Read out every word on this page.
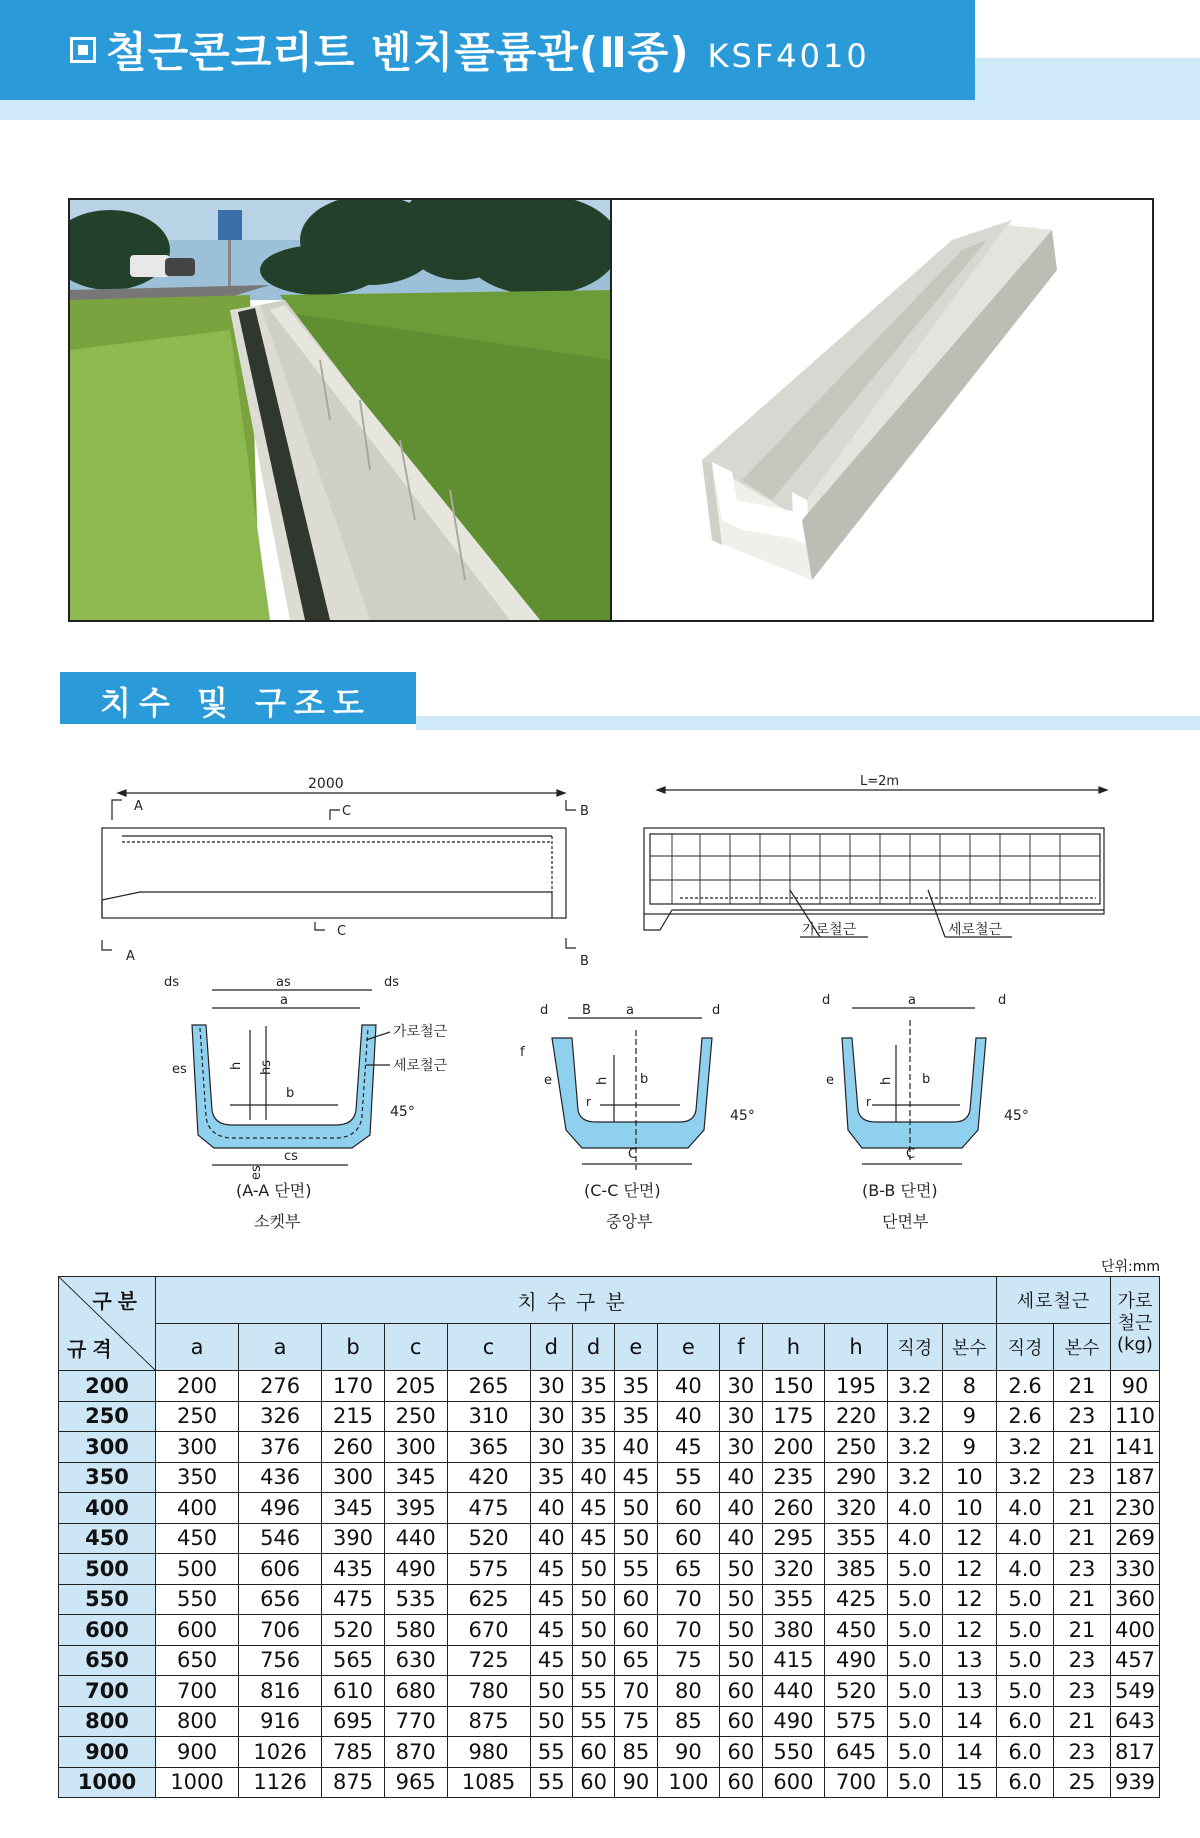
철근콘크리트 벤치플륨관(Ⅱ종) KSF4010
치수 및 구조도
2000
A	C
A
C
B
B
L=2m
가로철근	세로철근
as
a
ds	ds
h hs
b
es
es
cs
가로철근
세로철근
45°
(A-A 단면)
소켓부
B	a
d	d
h b
f
e
r
C
45°
(C-C 단면)
중앙부
a
d	d
h b
e
r
C
45°
(B-B 단면)
단면부
단위:mm
구분
규격	치수구분														세로철근		가로철근(kg)
	a	a	b	c	c	d	d	e	e	f	h	h	직경	본수	직경	본수	
200	200	276	170	205	265	30	35	35	40	30	150	195	3.2	8	2.6	21	90
250	250	326	215	250	310	30	35	35	40	30	175	220	3.2	9	2.6	23	110
300	300	376	260	300	365	30	35	40	45	30	200	250	3.2	9	3.2	21	141
350	350	436	300	345	420	35	40	45	55	40	235	290	3.2	10	3.2	23	187
400	400	496	345	395	475	40	45	50	60	40	260	320	4.0	10	4.0	21	230
450	450	546	390	440	520	40	45	50	60	40	295	355	4.0	12	4.0	21	269
500	500	606	435	490	575	45	50	55	65	50	320	385	5.0	12	4.0	23	330
550	550	656	475	535	625	45	50	60	70	50	355	425	5.0	12	5.0	21	360
600	600	706	520	580	670	45	50	60	70	50	380	450	5.0	12	5.0	21	400
650	650	756	565	630	725	45	50	65	75	50	415	490	5.0	13	5.0	23	457
700	700	816	610	680	780	50	55	70	80	60	440	520	5.0	13	5.0	23	549
800	800	916	695	770	875	50	55	75	85	60	490	575	5.0	14	6.0	21	643
900	900	1026	785	870	980	55	60	85	90	60	550	645	5.0	14	6.0	23	817
1000	1000	1126	875	965	1085	55	60	90	100	60	600	700	5.0	15	6.0	25	939
